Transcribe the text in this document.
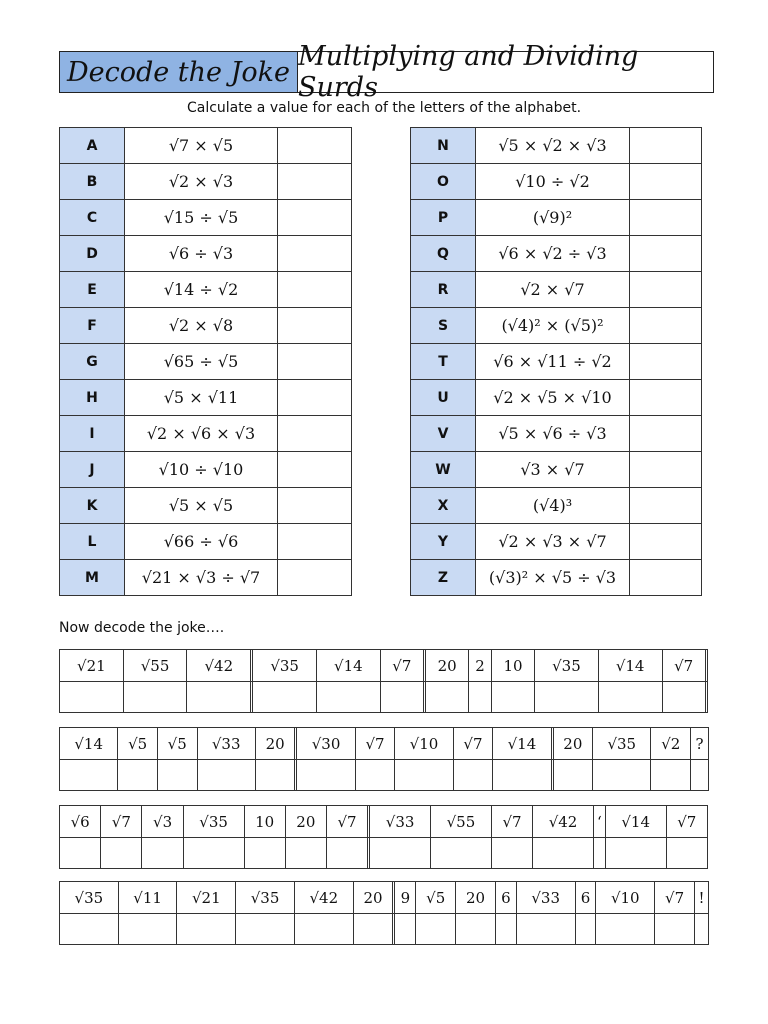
Decode the Joke Multiplying and Dividing Surds
Calculate a value for each of the letters of the alphabet.
A	√7 × √5	
B	√2 × √3	
C	√15 ÷ √5	
D	√6 ÷ √3	
E	√14 ÷ √2	
F	√2 × √8	
G	√65 ÷ √5	
H	√5 × √11	
I	√2 × √6 × √3	
J	√10 ÷ √10	
K	√5 × √5	
L	√66 ÷ √6	
M	√21 × √3 ÷ √7	
N	√5 × √2 × √3	
O	√10 ÷ √2	
P	(√9)²	
Q	√6 × √2 ÷ √3	
R	√2 × √7	
S	(√4)² × (√5)²	
T	√6 × √11 ÷ √2	
U	√2 × √5 × √10	
V	√5 × √6 ÷ √3	
W	√3 × √7	
X	(√4)³	
Y	√2 × √3 × √7	
Z	(√3)² × √5 ÷ √3	
Now decode the joke….
√21	√55	√42		√35	√14	√7		20	2	10	√35	√14	√7	

√14	√5	√5	√33	20		√30	√7	√10	√7	√14		20	√35	√2	?

√6	√7	√3	√35	10	20	√7		√33	√55	√7	√42	‘	√14	√7

√35	√11	√21	√35	√42	20		9	√5	20	6	√33	6	√10	√7	!
